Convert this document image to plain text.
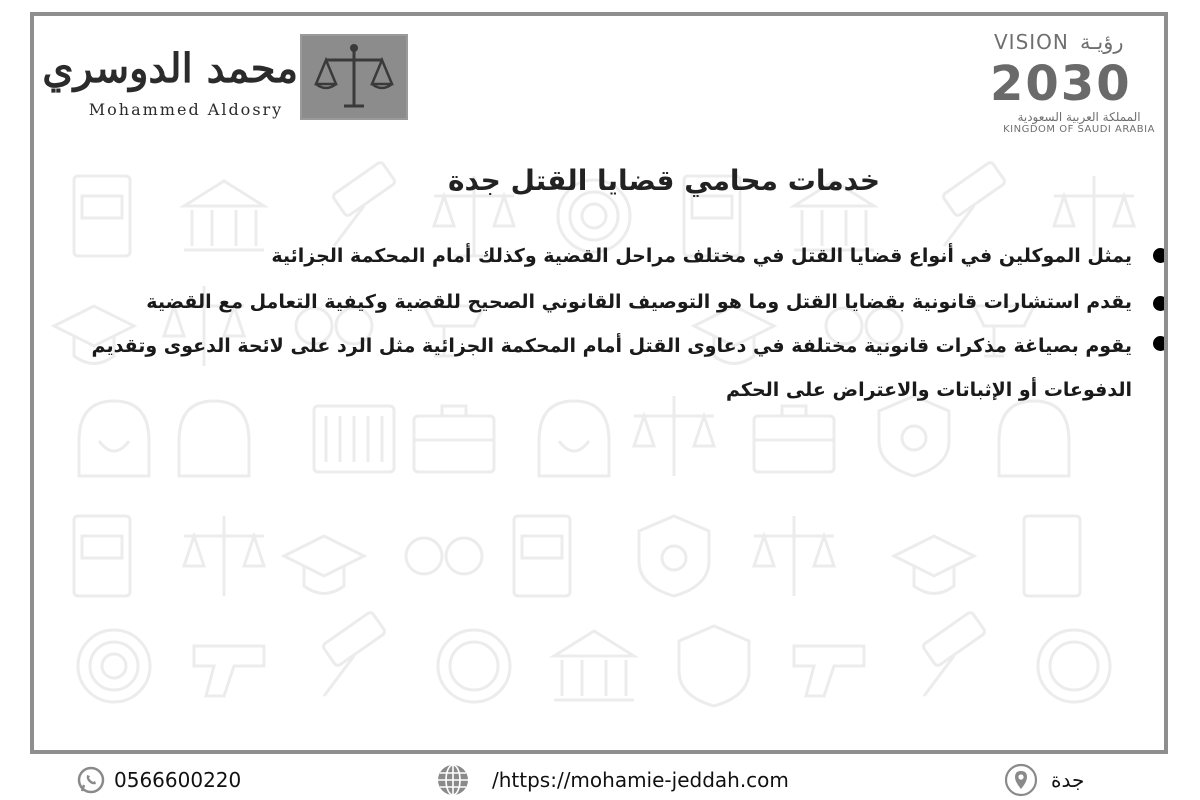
محمد الدوسري
Mohammed Aldosry
VISION رؤيـة
2030
المملكة العربية السعودية
KINGDOM OF SAUDI ARABIA
خدمات محامي قضايا القتل جدة
يمثل الموكلين في أنواع قضايا القتل في مختلف مراحل القضية وكذلك أمام المحكمة الجزائية
يقدم استشارات قانونية بقضايا القتل وما هو التوصيف القانوني الصحيح للقضية وكيفية التعامل مع القضية
يقوم بصياغة مذكرات قانونية مختلفة في دعاوى القتل أمام المحكمة الجزائية مثل الرد على لائحة الدعوى وتقديم الدفوعات أو الإثباتات والاعتراض على الحكم
0566600220	/https://mohamie-jeddah.com	جدة
